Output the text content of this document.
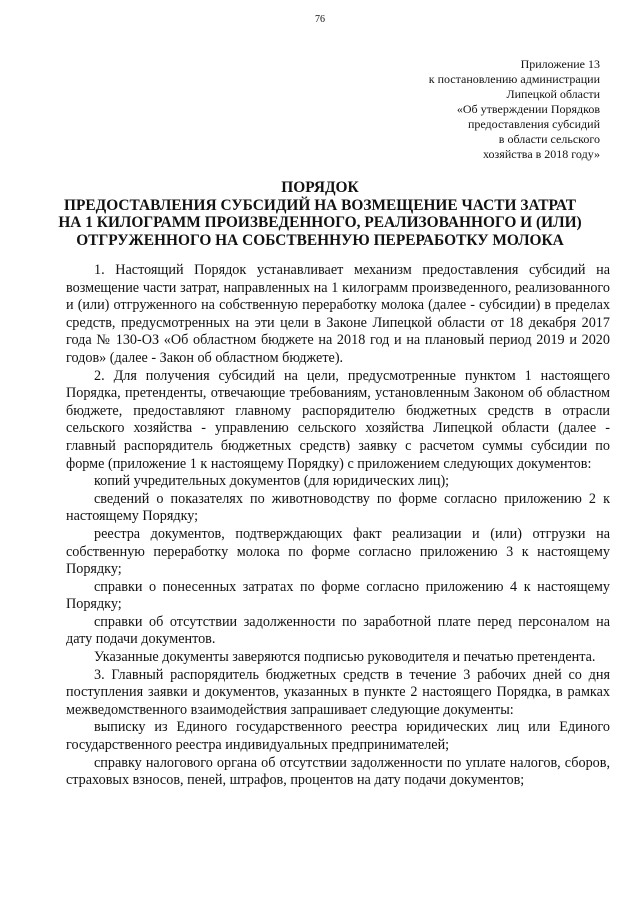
76
Приложение 13
к постановлению администрации
Липецкой области
«Об утверждении Порядков
предоставления субсидий
в области сельского
хозяйства в 2018 году»
ПОРЯДОК
ПРЕДОСТАВЛЕНИЯ СУБСИДИЙ НА ВОЗМЕЩЕНИЕ ЧАСТИ ЗАТРАТ
НА 1 КИЛОГРАММ ПРОИЗВЕДЕННОГО, РЕАЛИЗОВАННОГО И (ИЛИ)
ОТГРУЖЕННОГО НА СОБСТВЕННУЮ ПЕРЕРАБОТКУ МОЛОКА

1. Настоящий Порядок устанавливает механизм предоставления субсидий на возмещение части затрат, направленных на 1 килограмм произведенного, реализованного и (или) отгруженного на собственную переработку молока (далее - субсидии) в пределах средств, предусмотренных на эти цели в Законе Липецкой области от 18 декабря 2017 года № 130-ОЗ «Об областном бюджете на 2018 год и на плановый период 2019 и 2020 годов» (далее - Закон об областном бюджете).

2. Для получения субсидий на цели, предусмотренные пунктом 1 настоящего Порядка, претенденты, отвечающие требованиям, установленным Законом об областном бюджете, предоставляют главному распорядителю бюджетных средств в отрасли сельского хозяйства - управлению сельского хозяйства Липецкой области (далее - главный распорядитель бюджетных средств) заявку с расчетом суммы субсидии по форме (приложение 1 к настоящему Порядку) с приложением следующих документов:

копий учредительных документов (для юридических лиц);

сведений о показателях по животноводству по форме согласно приложению 2 к настоящему Порядку;

реестра документов, подтверждающих факт реализации и (или) отгрузки на собственную переработку молока по форме согласно приложению 3 к настоящему Порядку;

справки о понесенных затратах по форме согласно приложению 4 к настоящему Порядку;

справки об отсутствии задолженности по заработной плате перед персоналом на дату подачи документов.

Указанные документы заверяются подписью руководителя и печатью претендента.

3. Главный распорядитель бюджетных средств в течение 3 рабочих дней со дня поступления заявки и документов, указанных в пункте 2 настоящего Порядка, в рамках межведомственного взаимодействия запрашивает следующие документы:

выписку из Единого государственного реестра юридических лиц или Единого государственного реестра индивидуальных предпринимателей;

справку налогового органа об отсутствии задолженности по уплате налогов, сборов, страховых взносов, пеней, штрафов, процентов на дату подачи документов;
